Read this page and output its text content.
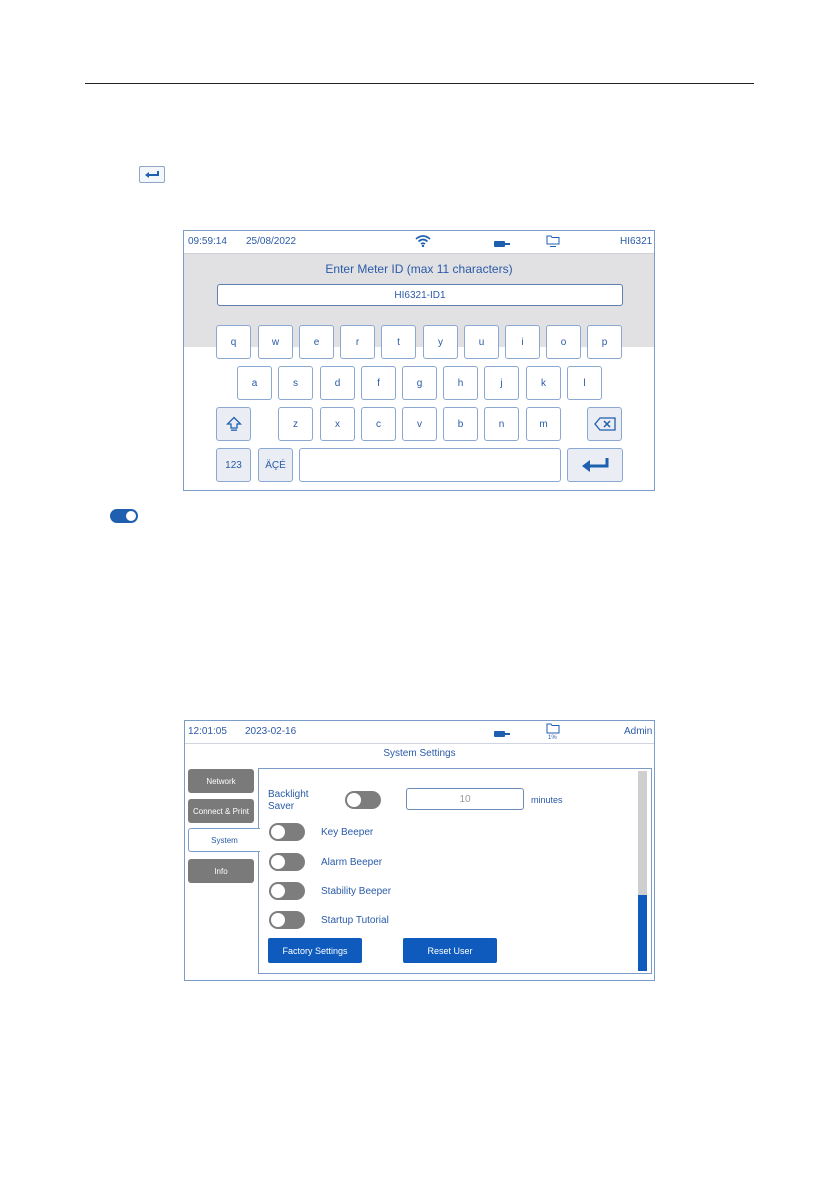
09:59:14 25/08/2022	HI6321
Enter Meter ID (max 11 characters)
HI6321-ID1
q	w	e	r	t	y	u	i	o	p
a	s	d	f	g	h	j	k	l
z	x	c	v	b	n	m
123	ÄÇÉ
12:01:05 2023-02-16
1%
Admin
System Settings
Network
Connect & Print
System
Info
Backlight
Saver
10	minutes
Key Beeper
Alarm Beeper
Stability Beeper
Startup Tutorial
Factory Settings	Reset User
